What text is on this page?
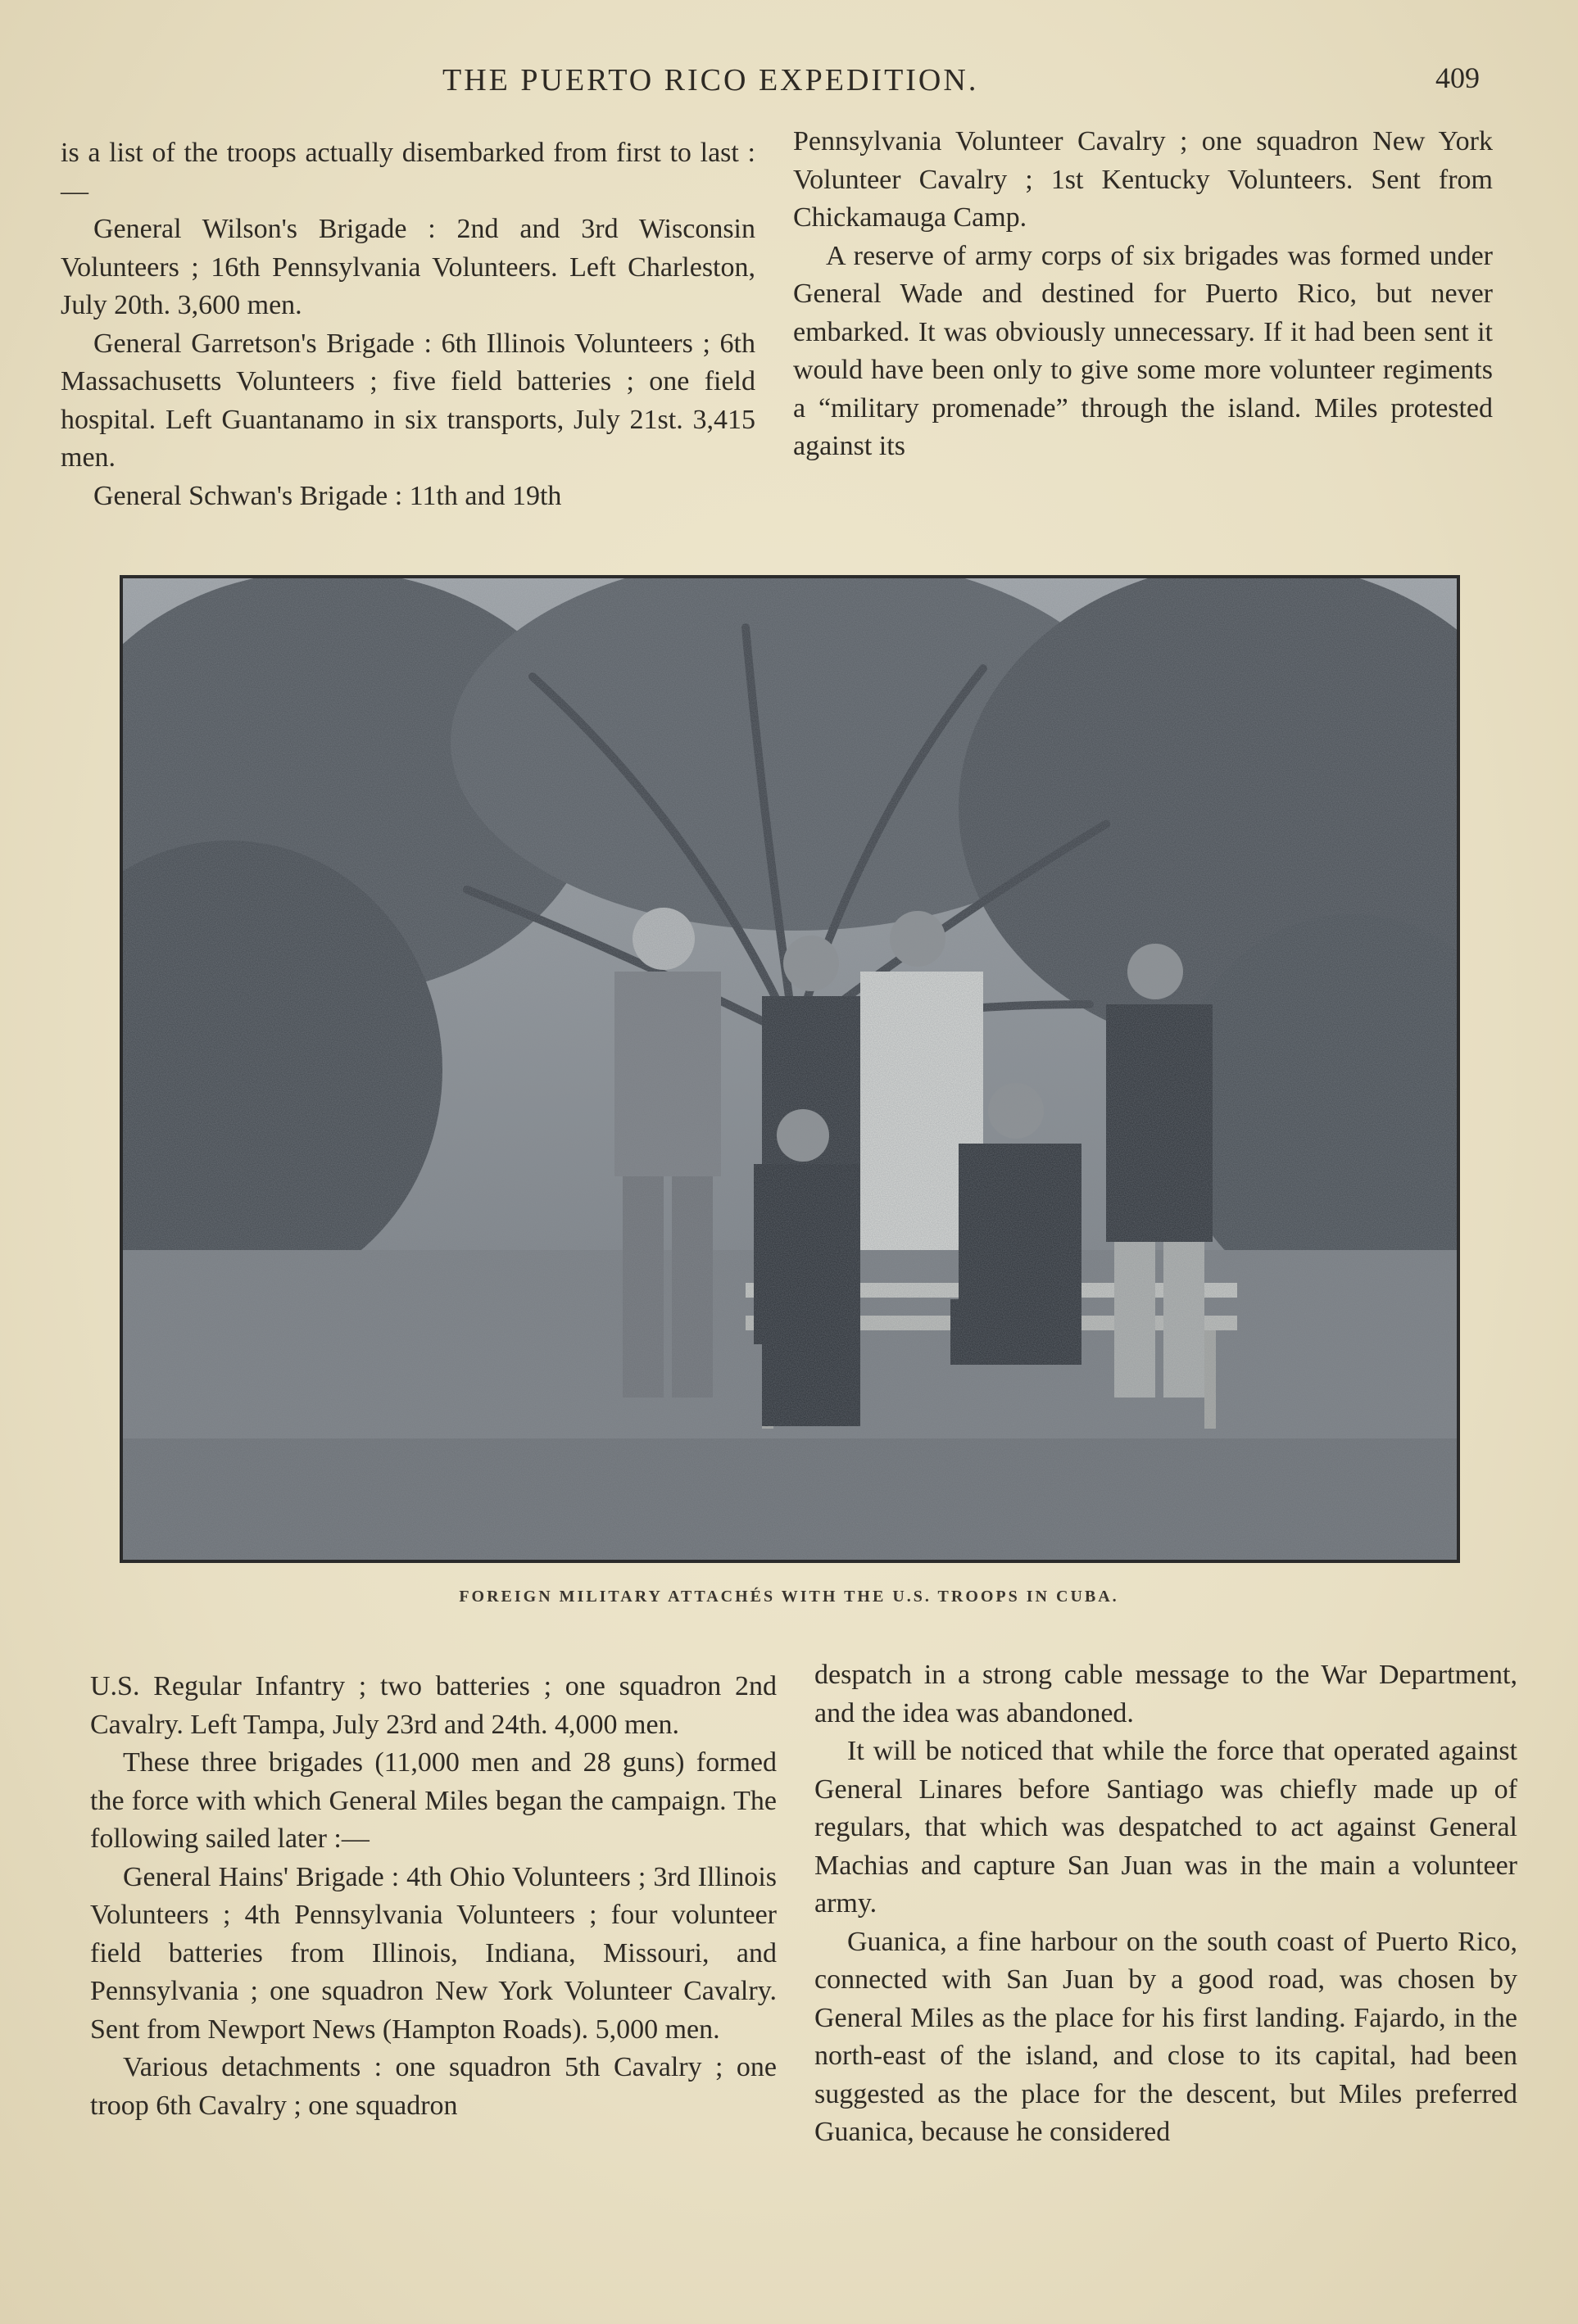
THE PUERTO RICO EXPEDITION.	409

is a list of the troops actually disembarked from first to last :—

General Wilson's Brigade : 2nd and 3rd Wisconsin Volunteers ; 16th Pennsylvania Volunteers. Left Charleston, July 20th. 3,600 men.

General Garretson's Brigade : 6th Illinois Volunteers ; 6th Massachusetts Volunteers ; five field batteries ; one field hospital. Left Guantanamo in six transports, July 21st. 3,415 men.

General Schwan's Brigade : 11th and 19th

Pennsylvania Volunteer Cavalry ; one squadron New York Volunteer Cavalry ; 1st Kentucky Volunteers. Sent from Chickamauga Camp.

A reserve of army corps of six brigades was formed under General Wade and destined for Puerto Rico, but never embarked. It was obviously unnecessary. If it had been sent it would have been only to give some more volunteer regiments a “military promenade” through the island. Miles protested against its

FOREIGN MILITARY ATTACHÉS WITH THE U.S. TROOPS IN CUBA.

U.S. Regular Infantry ; two batteries ; one squadron 2nd Cavalry. Left Tampa, July 23rd and 24th. 4,000 men.

These three brigades (11,000 men and 28 guns) formed the force with which General Miles began the campaign. The following sailed later :—

General Hains' Brigade : 4th Ohio Volunteers ; 3rd Illinois Volunteers ; 4th Pennsylvania Volunteers ; four volunteer field batteries from Illinois, Indiana, Missouri, and Pennsylvania ; one squadron New York Volunteer Cavalry. Sent from Newport News (Hampton Roads). 5,000 men.

Various detachments : one squadron 5th Cavalry ; one troop 6th Cavalry ; one squadron

despatch in a strong cable message to the War Department, and the idea was abandoned.

It will be noticed that while the force that operated against General Linares before Santiago was chiefly made up of regulars, that which was despatched to act against General Machias and capture San Juan was in the main a volunteer army.

Guanica, a fine harbour on the south coast of Puerto Rico, connected with San Juan by a good road, was chosen by General Miles as the place for his first landing. Fajardo, in the north-east of the island, and close to its capital, had been suggested as the place for the descent, but Miles preferred Guanica, because he considered
